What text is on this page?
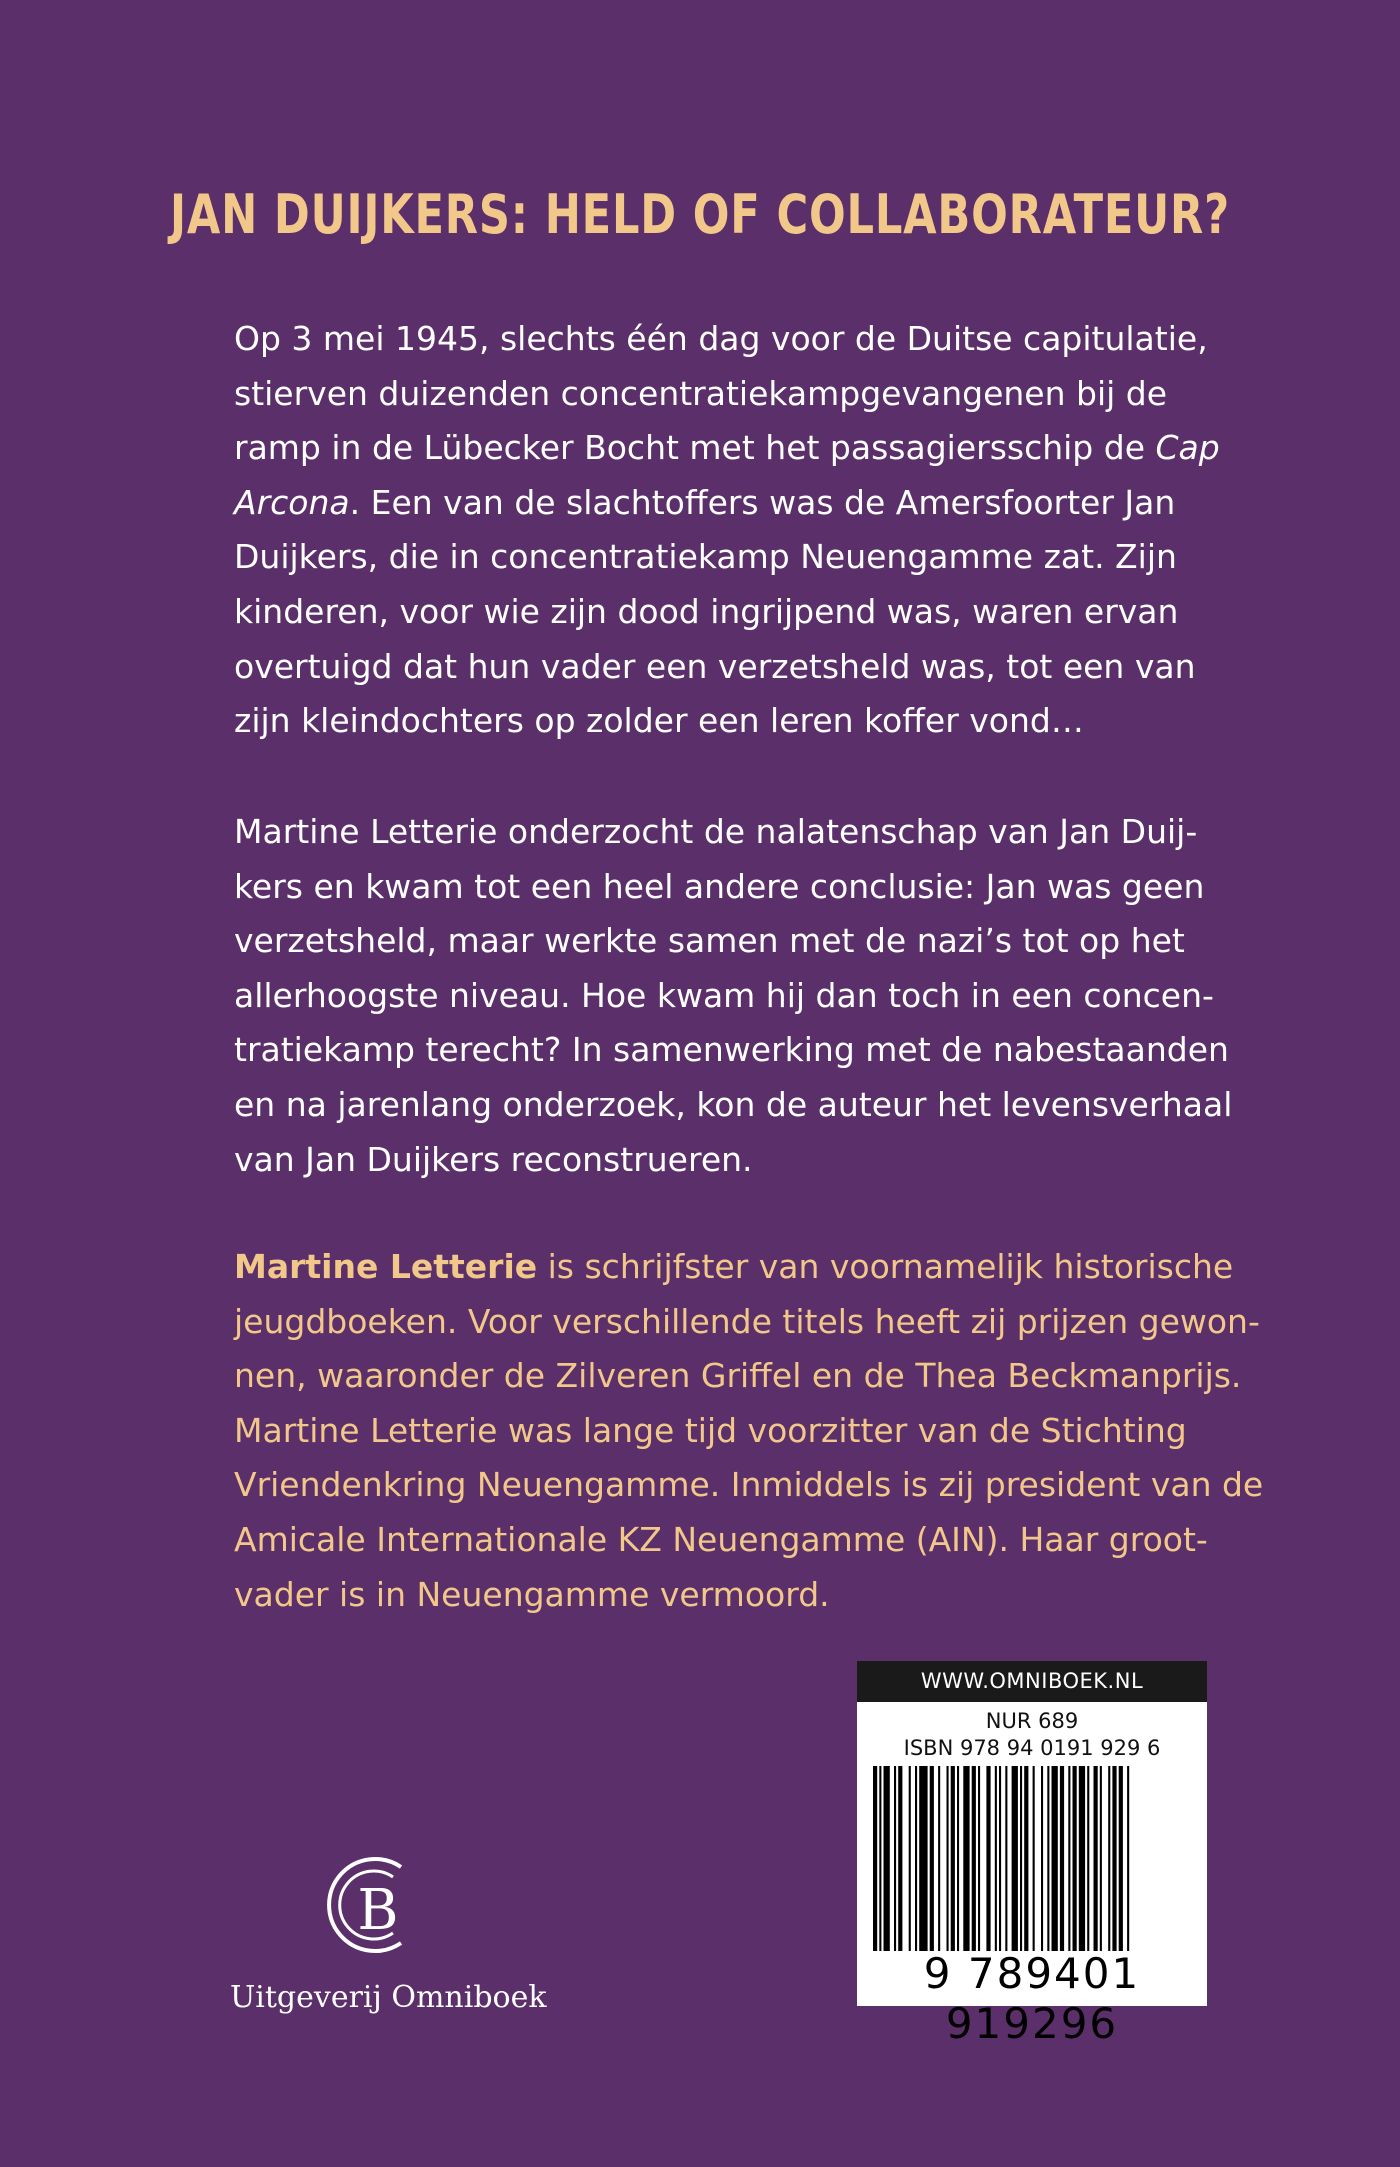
JAN DUIJKERS: HELD OF COLLABORATEUR?

Op 3 mei 1945, slechts één dag voor de Duitse capitulatie,
stierven duizenden concentratiekampgevangenen bij de
ramp in de Lübecker Bocht met het passagiersschip de Cap
Arcona. Een van de slachtoffers was de Amersfoorter Jan
Duijkers, die in concentratiekamp Neuengamme zat. Zijn
kinderen, voor wie zijn dood ingrijpend was, waren ervan
overtuigd dat hun vader een verzetsheld was, tot een van
zijn kleindochters op zolder een leren koffer vond…

Martine Letterie onderzocht de nalatenschap van Jan Duij-
kers en kwam tot een heel andere conclusie: Jan was geen
verzetsheld, maar werkte samen met de nazi’s tot op het
allerhoogste niveau. Hoe kwam hij dan toch in een concen-
tratiekamp terecht? In samenwerking met de nabestaanden
en na jarenlang onderzoek, kon de auteur het levensverhaal
van Jan Duijkers reconstrueren.

Martine Letterie is schrijfster van voornamelijk historische
jeugdboeken. Voor verschillende titels heeft zij prijzen gewon-
nen, waaronder de Zilveren Griffel en de Thea Beckmanprijs.
Martine Letterie was lange tijd voorzitter van de Stichting
Vriendenkring Neuengamme. Inmiddels is zij president van de
Amicale Internationale KZ Neuengamme (AIN). Haar groot-
vader is in Neuengamme vermoord.

WWW.OMNIBOEK.NL
NUR 689
ISBN 978 94 0191 929 6
9 789401 919296
B

Uitgeverij Omniboek
